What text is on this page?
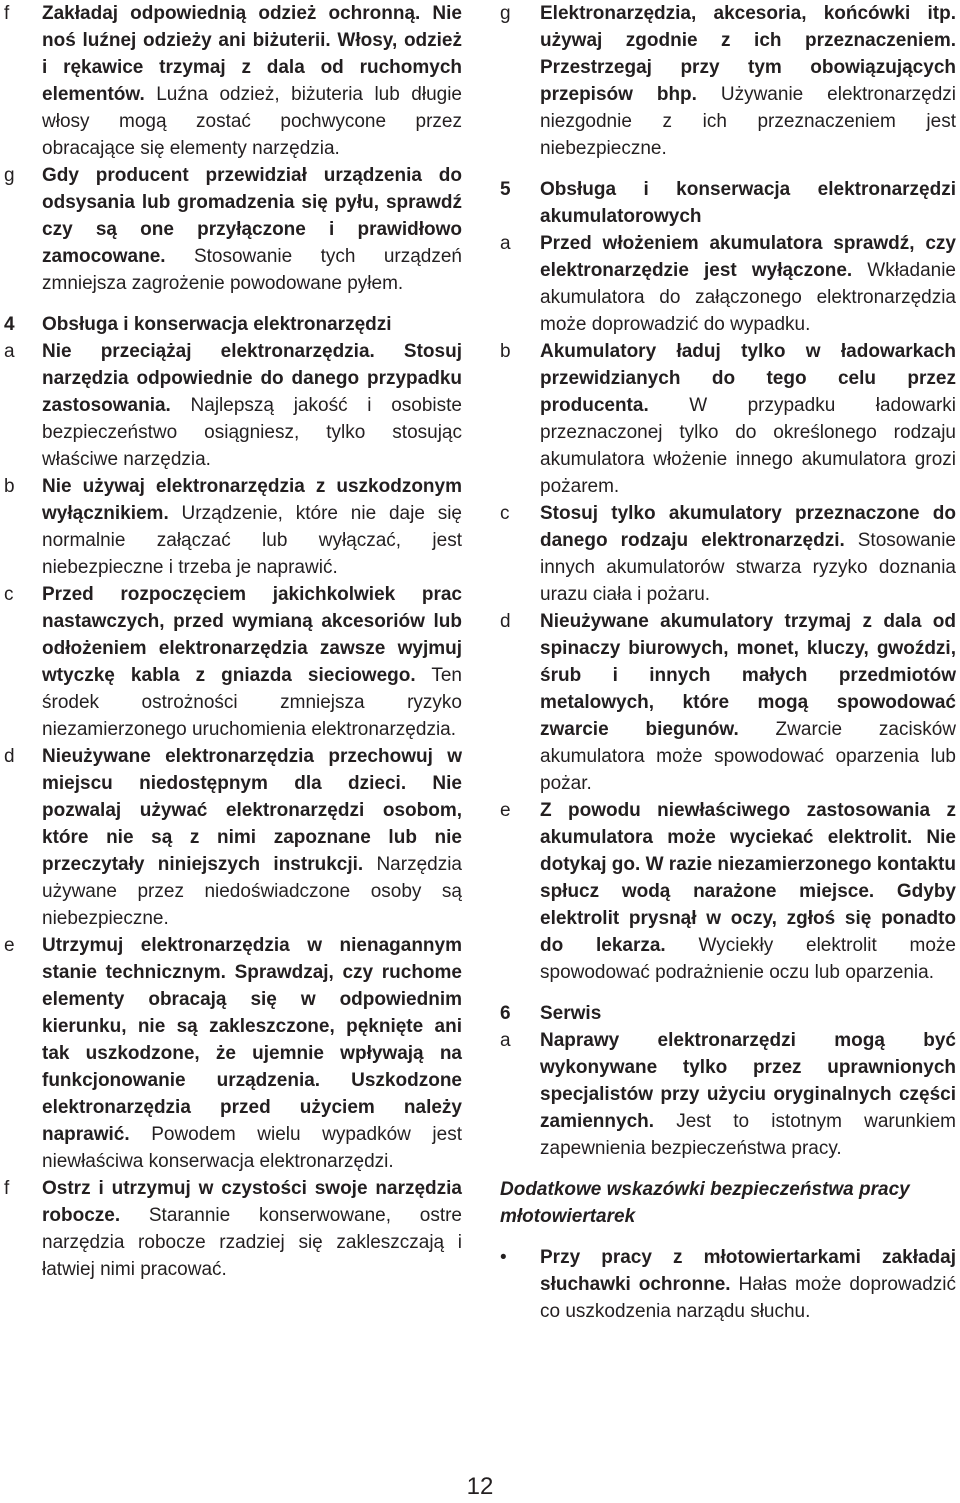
f	Zakładaj odpowiednią odzież ochronną. Nie noś luźnej odzieży ani biżuterii. Włosy, odzież i rękawice trzymaj z dala od ruchomych elementów. Luźna odzież, biżuteria lub długie włosy mogą zostać pochwycone przez obracające się elementy narzędzia.
g	Gdy producent przewidział urządzenia do odsysania lub gromadzenia się pyłu, sprawdź czy są one przyłączone i prawidłowo zamocowane. Stosowanie tych urządzeń zmniejsza zagrożenie powodowane pyłem.
4	Obsługa i konserwacja elektronarzędzi
a	Nie przeciążaj elektronarzędzia. Stosuj narzędzia odpowiednie do danego przypadku zastosowania. Najlepszą jakość i osobiste bezpieczeństwo osiągniesz, tylko stosując właściwe narzędzia.
b	Nie używaj elektronarzędzia z uszkodzonym wyłącznikiem. Urządzenie, które nie daje się normalnie załączać lub wyłączać, jest niebezpieczne i trzeba je naprawić.
c	Przed rozpoczęciem jakichkolwiek prac nastawczych, przed wymianą akcesoriów lub odłożeniem elektronarzędzia zawsze wyjmuj wtyczkę kabla z gniazda sieciowego. Ten środek ostrożności zmniejsza ryzyko niezamierzonego uruchomienia elektronarzędzia.
d	Nieużywane elektronarzędzia przechowuj w miejscu niedostępnym dla dzieci. Nie pozwalaj używać elektronarzędzi osobom, które nie są z nimi zapoznane lub nie przeczytały niniejszych instrukcji. Narzędzia używane przez niedoświadczone osoby są niebezpieczne.
e	Utrzymuj elektronarzędzia w nienagannym stanie technicznym. Sprawdzaj, czy ruchome elementy obracają się w odpowiednim kierunku, nie są zakleszczone, pęknięte ani tak uszkodzone, że ujemnie wpływają na funkcjonowanie urządzenia. Uszkodzone elektronarzędzia przed użyciem należy naprawić. Powodem wielu wypadków jest niewłaściwa konserwacja elektronarzędzi.
f	Ostrz i utrzymuj w czystości swoje narzędzia robocze. Starannie konserwowane, ostre narzędzia robocze rzadziej się zakleszczają i łatwiej nimi pracować.
g	Elektronarzędzia, akcesoria, końcówki itp. używaj zgodnie z ich przeznaczeniem. Przestrzegaj przy tym obowiązujących przepisów bhp. Używanie elektronarzędzi niezgodnie z ich przeznaczeniem jest niebezpieczne.
5	Obsługa i konserwacja elektronarzędzi akumulatorowych
a	Przed włożeniem akumulatora sprawdź, czy elektronarzędzie jest wyłączone. Wkładanie akumulatora do załączonego elektronarzędzia może doprowadzić do wypadku.
b	Akumulatory ładuj tylko w ładowarkach przewidzianych do tego celu przez producenta. W przypadku ładowarki przeznaczonej tylko do określonego rodzaju akumulatora włożenie innego akumulatora grozi pożarem.
c	Stosuj tylko akumulatory przeznaczone do danego rodzaju elektronarzędzi. Stosowanie innych akumulatorów stwarza ryzyko doznania urazu ciała i pożaru.
d	Nieużywane akumulatory trzymaj z dala od spinaczy biurowych, monet, kluczy, gwoździ, śrub i innych małych przedmiotów metalowych, które mogą spowodować zwarcie biegunów. Zwarcie zacisków akumulatora może spowodować oparzenia lub pożar.
e	Z powodu niewłaściwego zastosowania z akumulatora może wyciekać elektrolit. Nie dotykaj go. W razie niezamierzonego kontaktu spłucz wodą narażone miejsce. Gdyby elektrolit prysnął w oczy, zgłoś się ponadto do lekarza. Wyciekły elektrolit może spowodować podrażnienie oczu lub oparzenia.
6	Serwis
a	Naprawy elektronarzędzi mogą być wykonywane tylko przez uprawnionych specjalistów przy użyciu oryginalnych części zamiennych. Jest to istotnym warunkiem zapewnienia bezpieczeństwa pracy.
Dodatkowe wskazówki bezpieczeństwa pracy młotowiertarek
•	Przy pracy z młotowiertarkami zakładaj słuchawki ochronne. Hałas może doprowadzić co uszkodzenia narządu słuchu.
12
